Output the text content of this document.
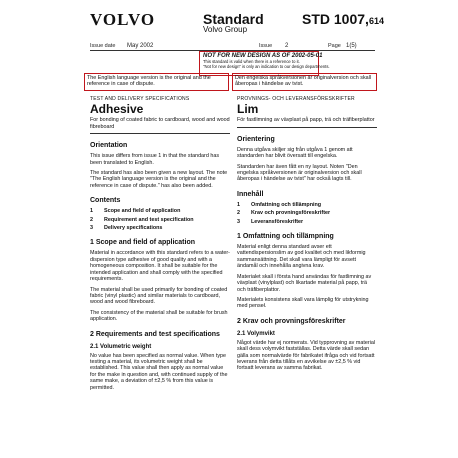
VOLVO	Standard
Volvo Group
STD 1007,614
Issue date May 2002	Issue 2	Page 1(5)
NOT FOR NEW DESIGN AS OF 2002-05-01
This standard is valid when there is a reference to it.
"Not for new design" is only an indication to our design departments.
The English language version is the original and the reference in case of dispute.
Den engelska språkversionen är originalversion och skall åberopas i händelse av tvist.
TEST AND DELIVERY SPECIFICATIONS
Adhesive
For bonding of coated fabric to cardboard, wood and wood fibreboard
Orientation

This issue differs from issue 1 in that the standard has been translated to English.

The standard has also been given a new layout. The note "The English language version is the original and the reference in case of dispute." has also been added.

Contents
1 Scope and field of application
2 Requirement and test specification
3 Delivery specifications
1 Scope and field of application

Material in accordance with this standard refers to a water-dispersion type adhesive of good quality and with a homogeneous composition. It shall be suitable for the intended application and shall comply with the specified requirements.

The material shall be used primarily for bonding of coated fabric (vinyl plastic) and similar materials to cardboard, wood and wood fibreboard.

The consistency of the material shall be suitable for brush application.

2 Requirements and test specifications
2.1 Volumetric weight

No value has been specified as normal value. When type testing a material, its volumetric weight shall be established. This value shall then apply as normal value for the make in question and, with continued supply of the same make, a deviation of ±2,5 % from this value is permitted.

PROVNINGS- OCH LEVERANSFÖRESKRIFTER
Lim
För fastlimning av vävplast på papp, trä och träfiberplattor
Orientering

Denna utgåva skiljer sig från utgåva 1 genom att standarden har blivit översatt till engelska.

Standarden har även fått en ny layout. Noten "Den engelska språkversionen är originalversion och skall åberopas i händelse av tvist" har också lagts till.

Innehåll
1 Omfattning och tillämpning
2 Krav och provningsföreskrifter
3 Leveransföreskrifter
1 Omfattning och tillämpning

Material enligt denna standard avser ett vattendispersionslim av god kvalitet och med likformig sammansättning. Det skall vara lämpligt för avsett ändamål och innehålla angivna krav.

Materialet skall i första hand användas för fastlimning av vävplast (vinylplast) och likartade material på papp, trä och träfiberplattor.

Materialets konsistens skall vara lämplig för utstrykning med penseł.

2 Krav och provningsföreskrifter
2.1 Volymvikt

Något värde har ej normerats. Vid typprovning av material skall dess volymvikt fastställas. Detta värde skall sedan gälla som normalvärde för fabrikatet ifråga och vid fortsatt leverans från detta tillåts en avvikelse av ±2,5 % vid fortsatt leverans av samma fabrikat.
